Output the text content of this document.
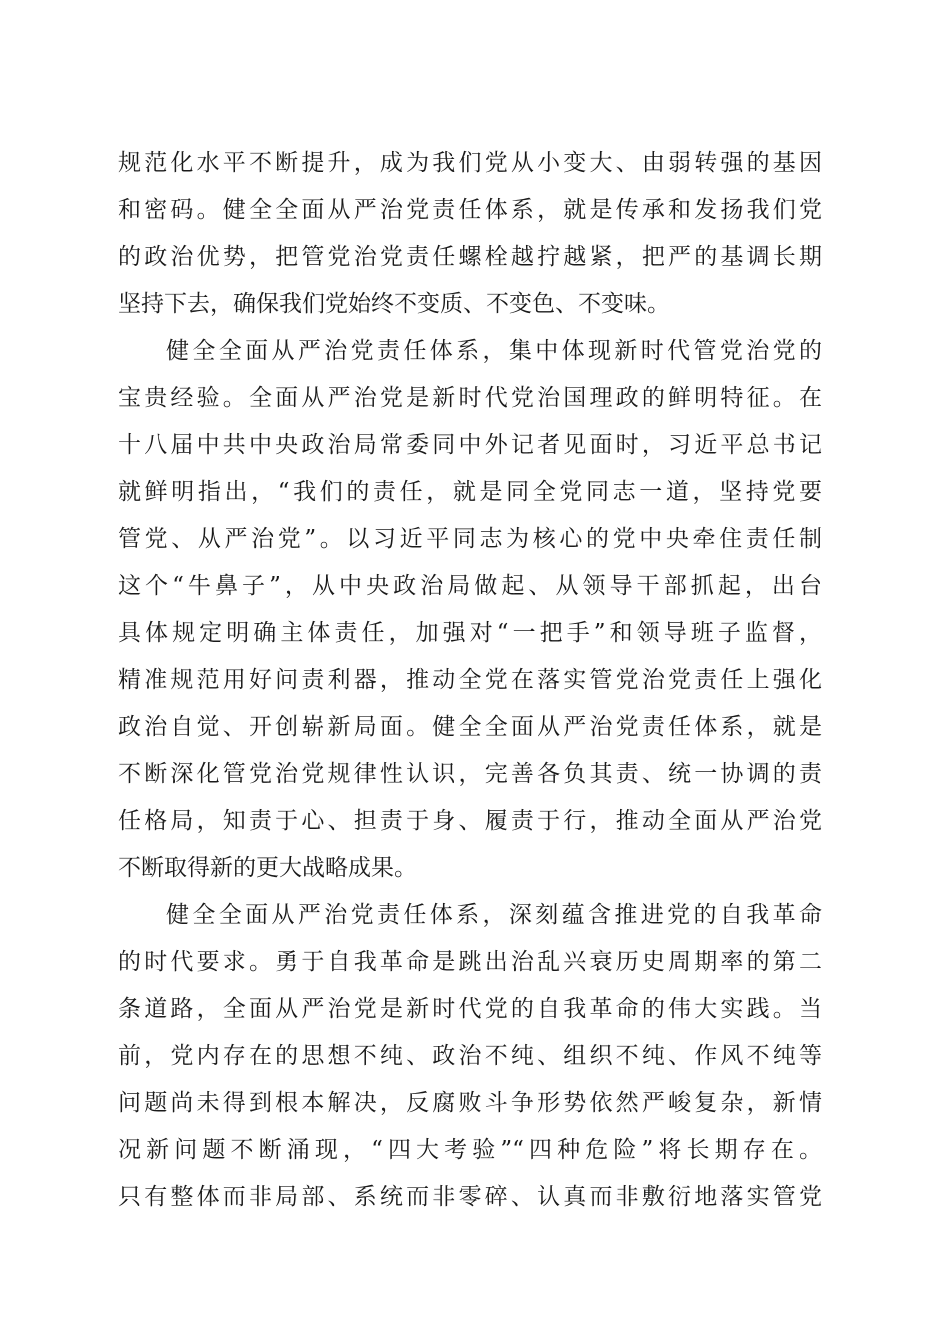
规范化水平不断提升，成为我们党从小变大、由弱转强的基因
和密码。健全全面从严治党责任体系，就是传承和发扬我们党
的政治优势，把管党治党责任螺栓越拧越紧，把严的基调长期
坚持下去，确保我们党始终不变质、不变色、不变味。
健全全面从严治党责任体系，集中体现新时代管党治党的
宝贵经验。全面从严治党是新时代党治国理政的鲜明特征。在
十八届中共中央政治局常委同中外记者见面时，习近平总书记
就鲜明指出，“我们的责任，就是同全党同志一道，坚持党要
管党、从严治党”。以习近平同志为核心的党中央牵住责任制
这个“牛鼻子”，从中央政治局做起、从领导干部抓起，出台
具体规定明确主体责任，加强对“一把手”和领导班子监督，
精准规范用好问责利器，推动全党在落实管党治党责任上强化
政治自觉、开创崭新局面。健全全面从严治党责任体系，就是
不断深化管党治党规律性认识，完善各负其责、统一协调的责
任格局，知责于心、担责于身、履责于行，推动全面从严治党
不断取得新的更大战略成果。
健全全面从严治党责任体系，深刻蕴含推进党的自我革命
的时代要求。勇于自我革命是跳出治乱兴衰历史周期率的第二
条道路，全面从严治党是新时代党的自我革命的伟大实践。当
前，党内存在的思想不纯、政治不纯、组织不纯、作风不纯等
问题尚未得到根本解决，反腐败斗争形势依然严峻复杂，新情
况新问题不断涌现，“四大考验”“四种危险”将长期存在。
只有整体而非局部、系统而非零碎、认真而非敷衍地落实管党
